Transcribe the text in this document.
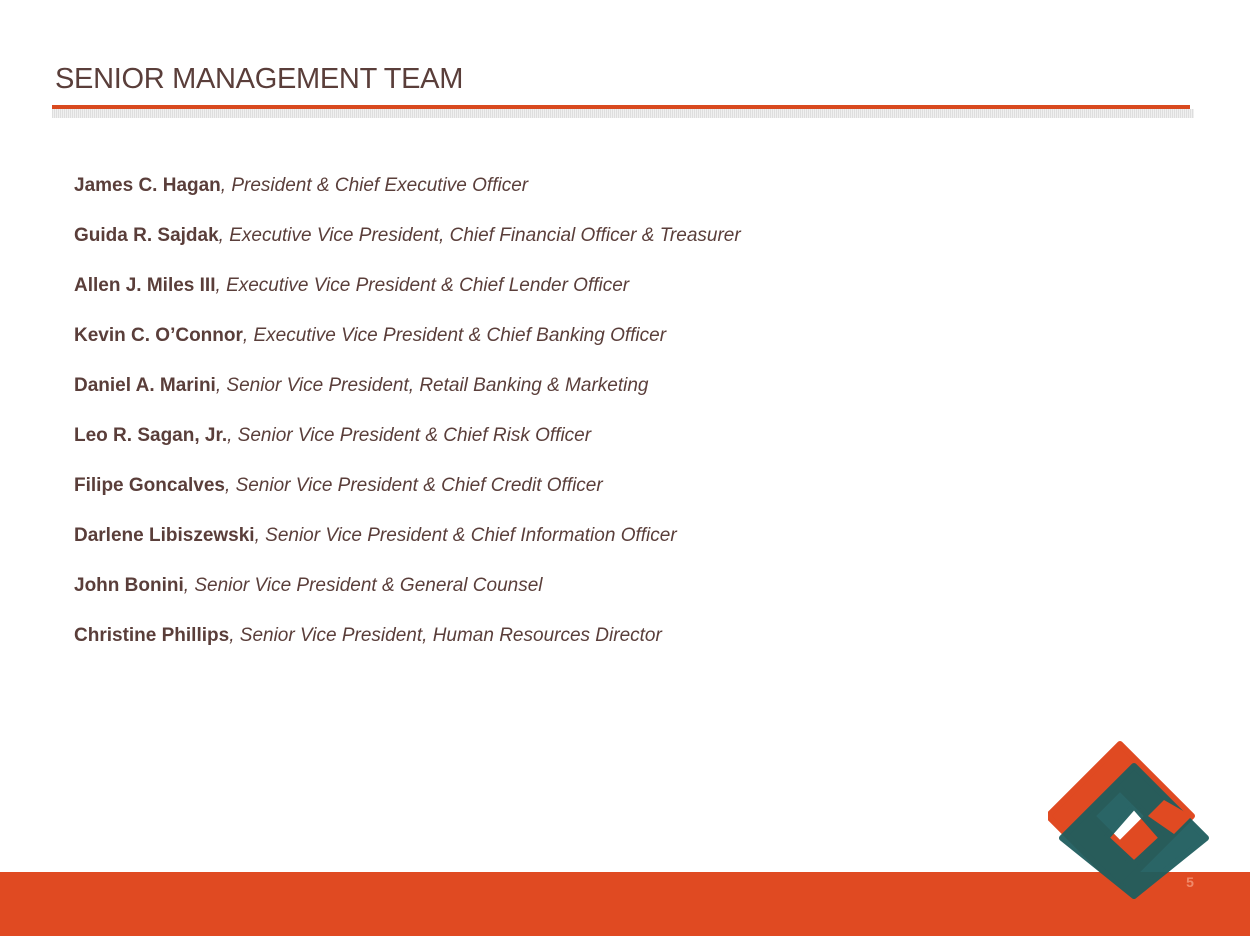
SENIOR MANAGEMENT TEAM
James C. Hagan, President & Chief Executive Officer
Guida R. Sajdak, Executive Vice President, Chief Financial Officer & Treasurer
Allen J. Miles III, Executive Vice President & Chief Lender Officer
Kevin C. O’Connor, Executive Vice President & Chief Banking Officer
Daniel A. Marini, Senior Vice President, Retail Banking & Marketing
Leo R. Sagan, Jr., Senior Vice President & Chief Risk Officer
Filipe Goncalves, Senior Vice President & Chief Credit Officer
Darlene Libiszewski, Senior Vice President & Chief Information Officer
John Bonini, Senior Vice President & General Counsel
Christine Phillips, Senior Vice President, Human Resources Director
5
